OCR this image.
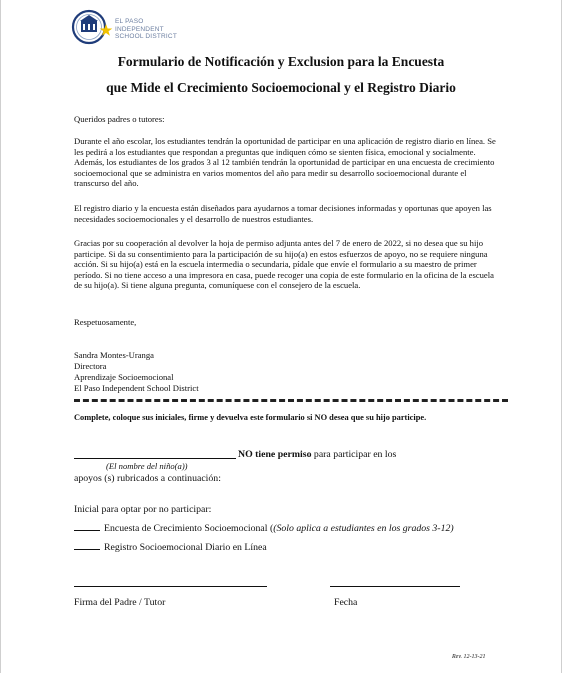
EL PASO
INDEPENDENT
SCHOOL DISTRICT
Formulario de Notificación y Exclusion para la Encuesta
que Mide el Crecimiento Socioemocional y el Registro Diario
Queridos padres o tutores:
Durante el año escolar, los estudiantes tendrán la oportunidad de participar en una aplicación de registro diario en línea. Se les pedirá a los estudiantes que respondan a preguntas que indiquen cómo se sienten física, emocional y socialmente. Además, los estudiantes de los grados 3 al 12 también tendrán la oportunidad de participar en una encuesta de crecimiento socioemocional que se administra en varios momentos del año para medir su desarrollo socioemocional durante el transcurso del año.
El registro diario y la encuesta están diseñados para ayudarnos a tomar decisiones informadas y oportunas que apoyen las necesidades socioemocionales y el desarrollo de nuestros estudiantes.
Gracias por su cooperación al devolver la hoja de permiso adjunta antes del 7 de enero de 2022, si no desea que su hijo participe. Si da su consentimiento para la participación de su hijo(a) en estos esfuerzos de apoyo, no se requiere ninguna acción. Si su hijo(a) está en la escuela intermedia o secundaria, pídale que envíe el formulario a su maestro de primer período. Si no tiene acceso a una impresora en casa, puede recoger una copia de este formulario en la oficina de la escuela de su hijo(a). Si tiene alguna pregunta, comuníquese con el consejero de la escuela.
Respetuosamente,
Sandra Montes-Uranga
Directora
Aprendizaje Socioemocional
El Paso Independent School District
Complete, coloque sus iniciales, firme y devuelva este formulario si NO desea que su hijo participe.
NO tiene permiso para participar en los
(El nombre del niño(a))
apoyos (s) rubricados a continuación:
Inicial para optar por no participar:
Encuesta de Crecimiento Socioemocional ((Solo aplica a estudiantes en los grados 3-12)
Registro Socioemocional Diario en Línea
Firma del Padre / Tutor	Fecha
Rev. 12-13-21
